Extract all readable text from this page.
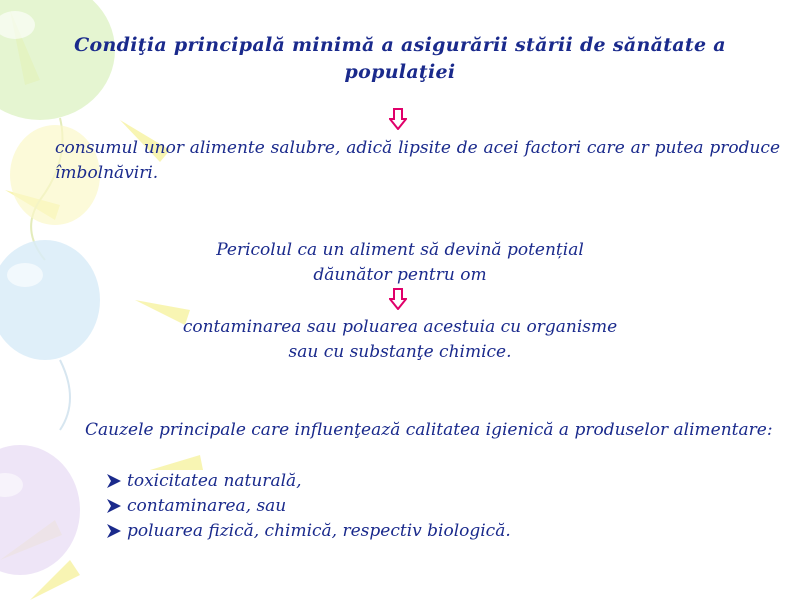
Condiţia principală minimă a asigurării stării de sănătate a populaţiei
consumul unor alimente salubre, adică lipsite de acei factori care ar putea produce îmbolnăviri.
Pericolul ca un aliment să devină potențial
dăunător pentru om
contaminarea sau poluarea acestuia cu organisme
sau cu substanţe chimice.
Cauzele principale care influenţează calitatea igienică a produselor alimentare:
toxicitatea naturală,
contaminarea, sau
poluarea fizică, chimică, respectiv biologică.
